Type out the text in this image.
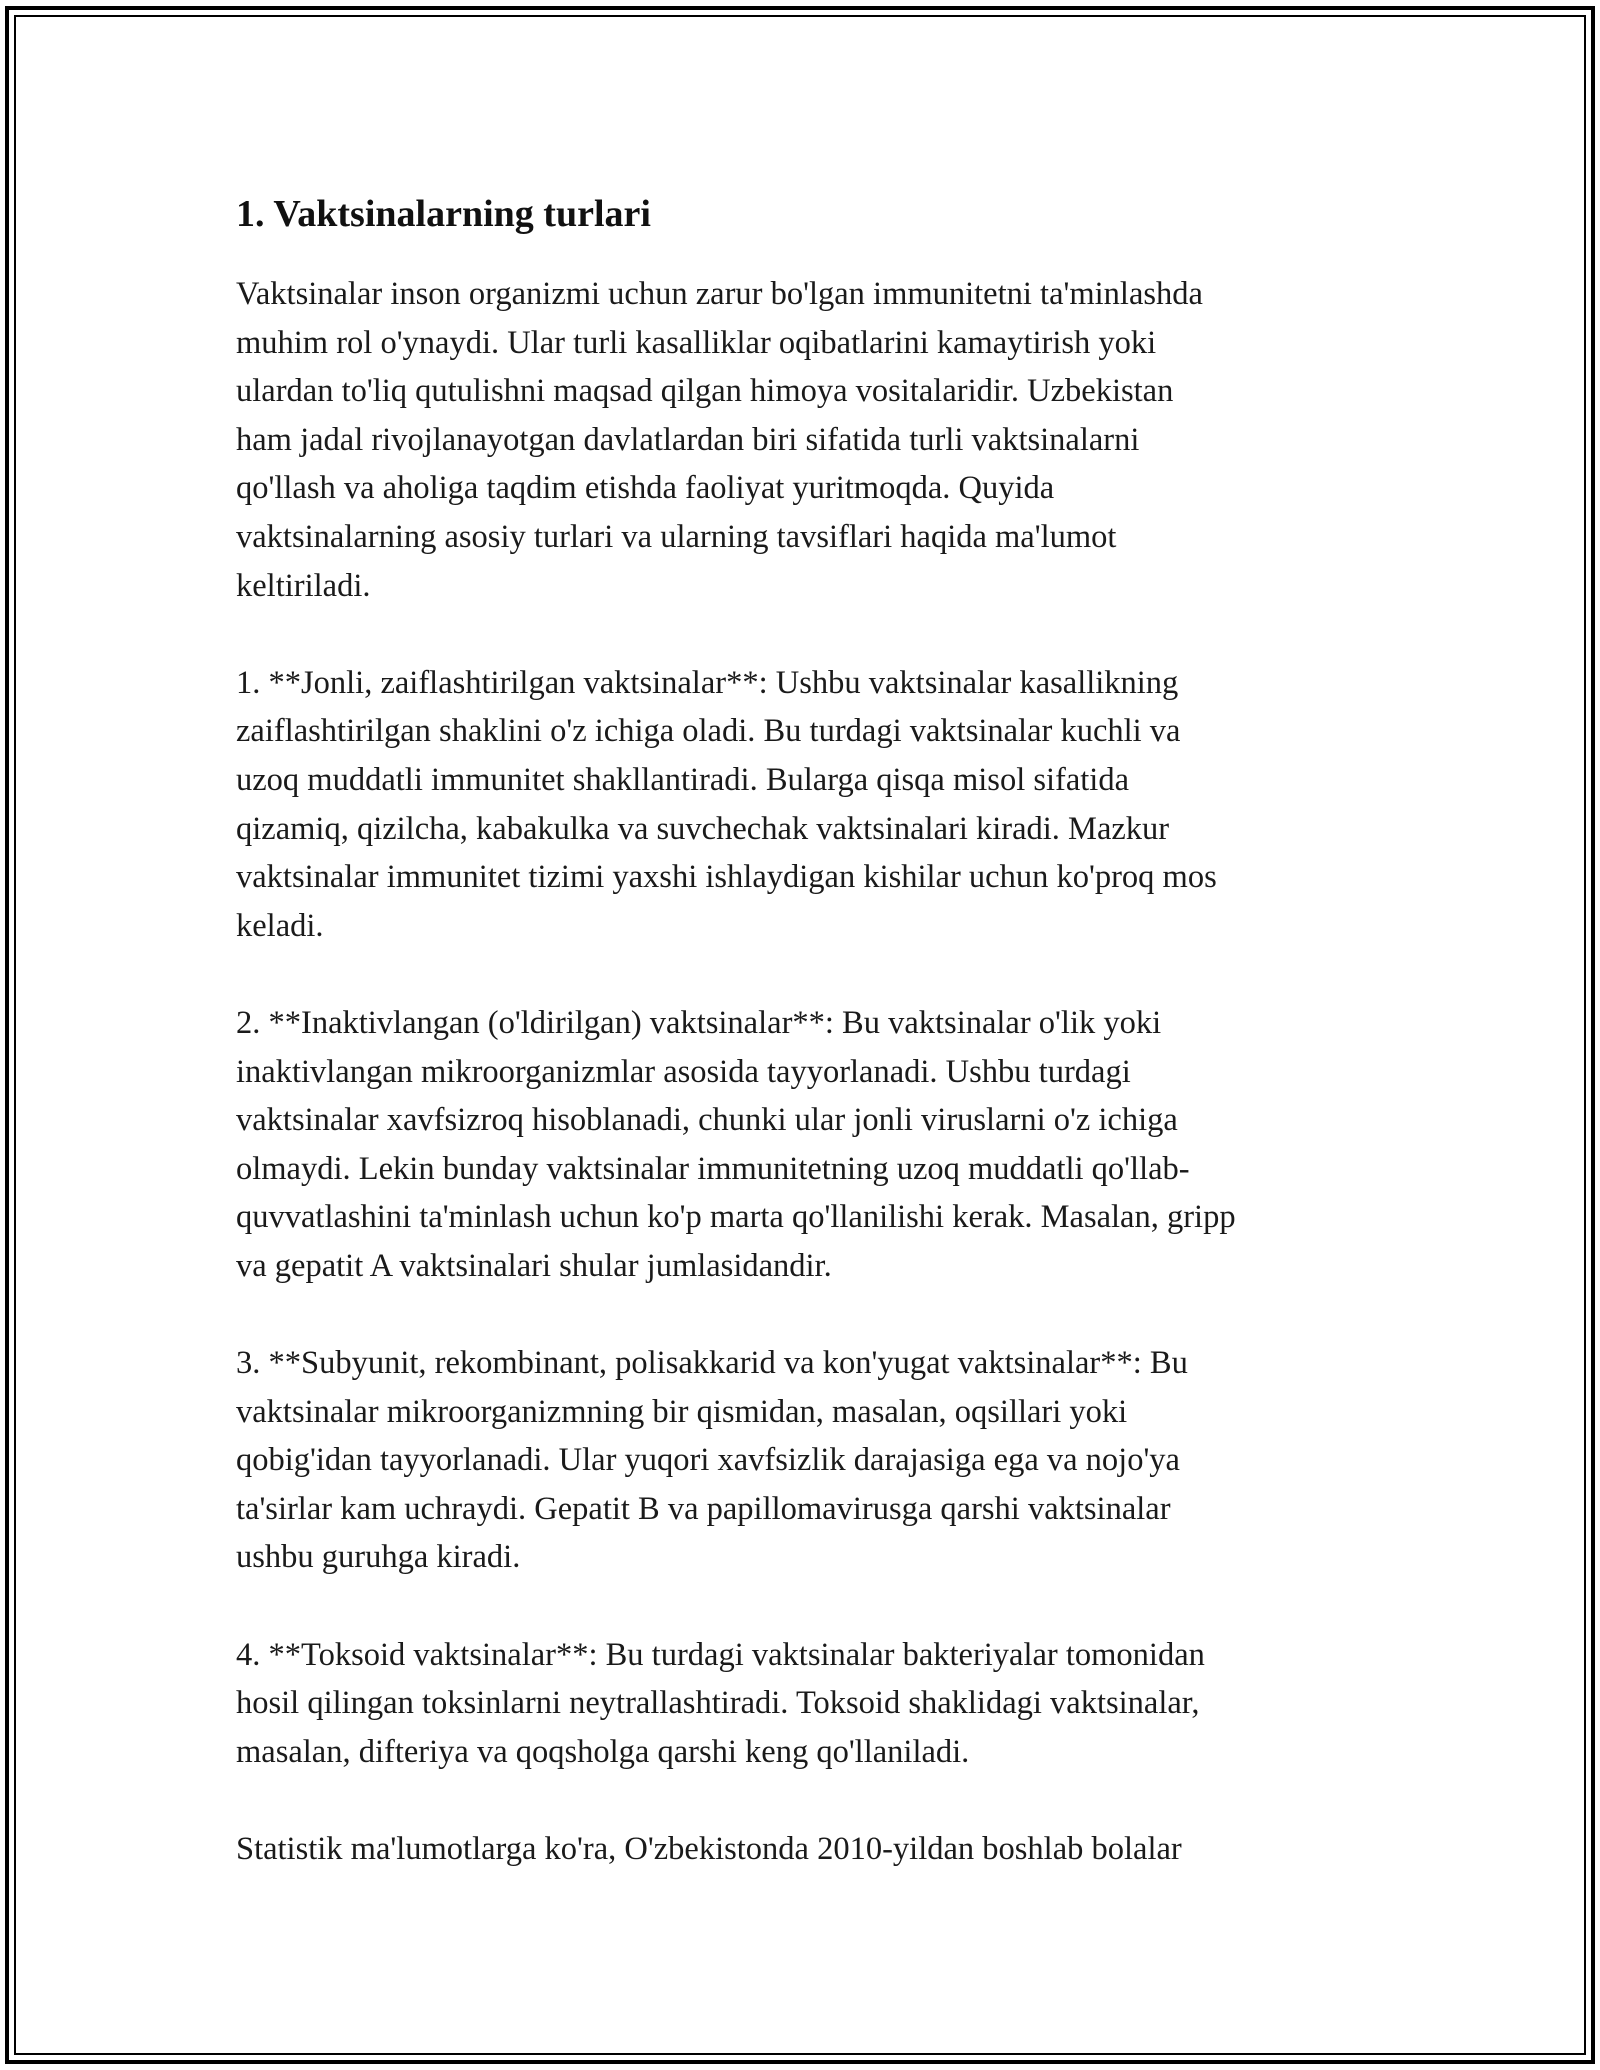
1. Vaktsinalarning turlari

Vaktsinalar inson organizmi uchun zarur bo'lgan immunitetni ta'minlashda
muhim rol o'ynaydi. Ular turli kasalliklar oqibatlarini kamaytirish yoki
ulardan to'liq qutulishni maqsad qilgan himoya vositalaridir. Uzbekistan
ham jadal rivojlanayotgan davlatlardan biri sifatida turli vaktsinalarni
qo'llash va aholiga taqdim etishda faoliyat yuritmoqda. Quyida
vaktsinalarning asosiy turlari va ularning tavsiflari haqida ma'lumot
keltiriladi.

1. **Jonli, zaiflashtirilgan vaktsinalar**: Ushbu vaktsinalar kasallikning
zaiflashtirilgan shaklini o'z ichiga oladi. Bu turdagi vaktsinalar kuchli va
uzoq muddatli immunitet shakllantiradi. Bularga qisqa misol sifatida
qizamiq, qizilcha, kabakulka va suvchechak vaktsinalari kiradi. Mazkur
vaktsinalar immunitet tizimi yaxshi ishlaydigan kishilar uchun ko'proq mos
keladi.

2. **Inaktivlangan (o'ldirilgan) vaktsinalar**: Bu vaktsinalar o'lik yoki
inaktivlangan mikroorganizmlar asosida tayyorlanadi. Ushbu turdagi
vaktsinalar xavfsizroq hisoblanadi, chunki ular jonli viruslarni o'z ichiga
olmaydi. Lekin bunday vaktsinalar immunitetning uzoq muddatli qo'llab-
quvvatlashini ta'minlash uchun ko'p marta qo'llanilishi kerak. Masalan, gripp
va gepatit A vaktsinalari shular jumlasidandir.

3. **Subyunit, rekombinant, polisakkarid va kon'yugat vaktsinalar**: Bu
vaktsinalar mikroorganizmning bir qismidan, masalan, oqsillari yoki
qobig'idan tayyorlanadi. Ular yuqori xavfsizlik darajasiga ega va nojo'ya
ta'sirlar kam uchraydi. Gepatit B va papillomavirusga qarshi vaktsinalar
ushbu guruhga kiradi.

4. **Toksoid vaktsinalar**: Bu turdagi vaktsinalar bakteriyalar tomonidan
hosil qilingan toksinlarni neytrallashtiradi. Toksoid shaklidagi vaktsinalar,
masalan, difteriya va qoqsholga qarshi keng qo'llaniladi.

Statistik ma'lumotlarga ko'ra, O'zbekistonda 2010-yildan boshlab bolalar
